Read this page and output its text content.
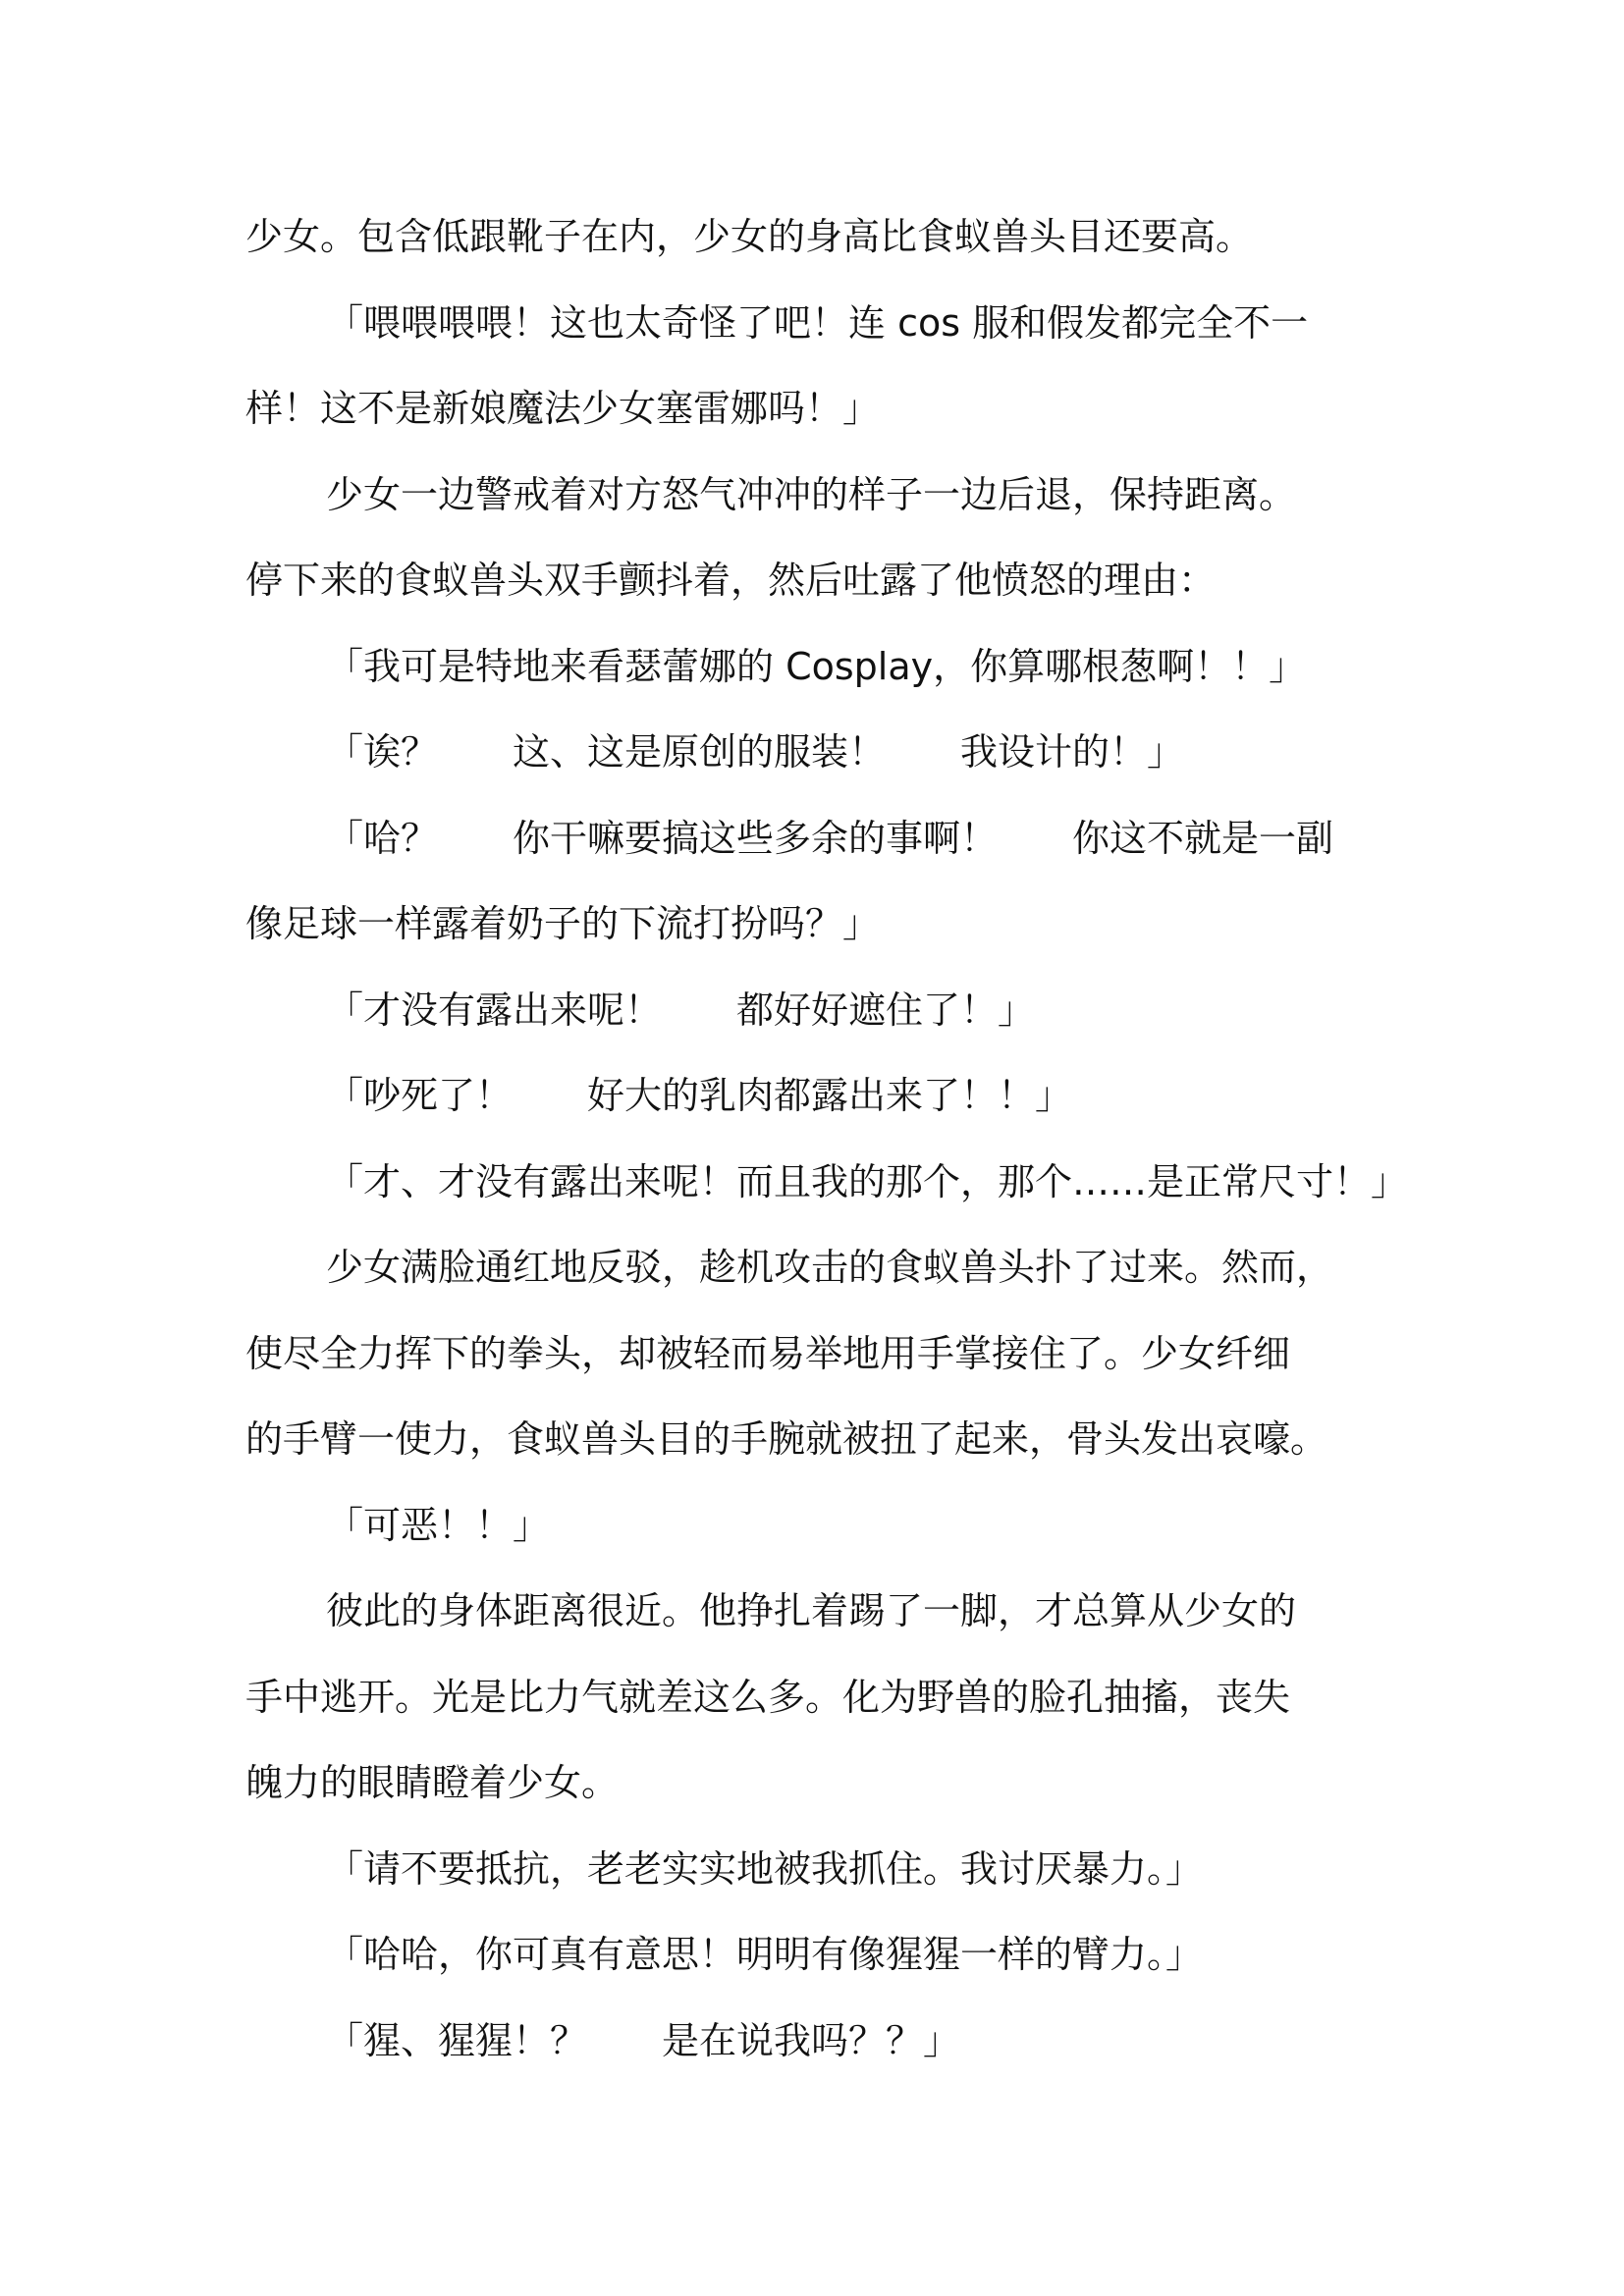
少女。包含低跟靴子在内，少女的身高比食蚁兽头目还要高。
「喂喂喂喂！这也太奇怪了吧！连 cos 服和假发都完全不一
样！这不是新娘魔法少女塞雷娜吗！」
少女一边警戒着对方怒气冲冲的样子一边后退，保持距离。
停下来的食蚁兽头双手颤抖着，然后吐露了他愤怒的理由：
「我可是特地来看瑟蕾娜的 Cosplay，你算哪根葱啊！！」
「诶？　　这、这是原创的服装！　　我设计的！」
「哈？　　你干嘛要搞这些多余的事啊！　　你这不就是一副
像足球一样露着奶子的下流打扮吗？」
「才没有露出来呢！　　都好好遮住了！」
「吵死了！　　好大的乳肉都露出来了！！」
「才、才没有露出来呢！而且我的那个，那个……是正常尺寸！」
少女满脸通红地反驳，趁机攻击的食蚁兽头扑了过来。然而，
使尽全力挥下的拳头，却被轻而易举地用手掌接住了。少女纤细
的手臂一使力，食蚁兽头目的手腕就被扭了起来，骨头发出哀嚎。
「可恶！！」
彼此的身体距离很近。他挣扎着踢了一脚，才总算从少女的
手中逃开。光是比力气就差这么多。化为野兽的脸孔抽搐，丧失
魄力的眼睛瞪着少女。
「请不要抵抗，老老实实地被我抓住。我讨厌暴力。」
「哈哈，你可真有意思！明明有像猩猩一样的臂力。」
「猩、猩猩！？　　是在说我吗？？」
